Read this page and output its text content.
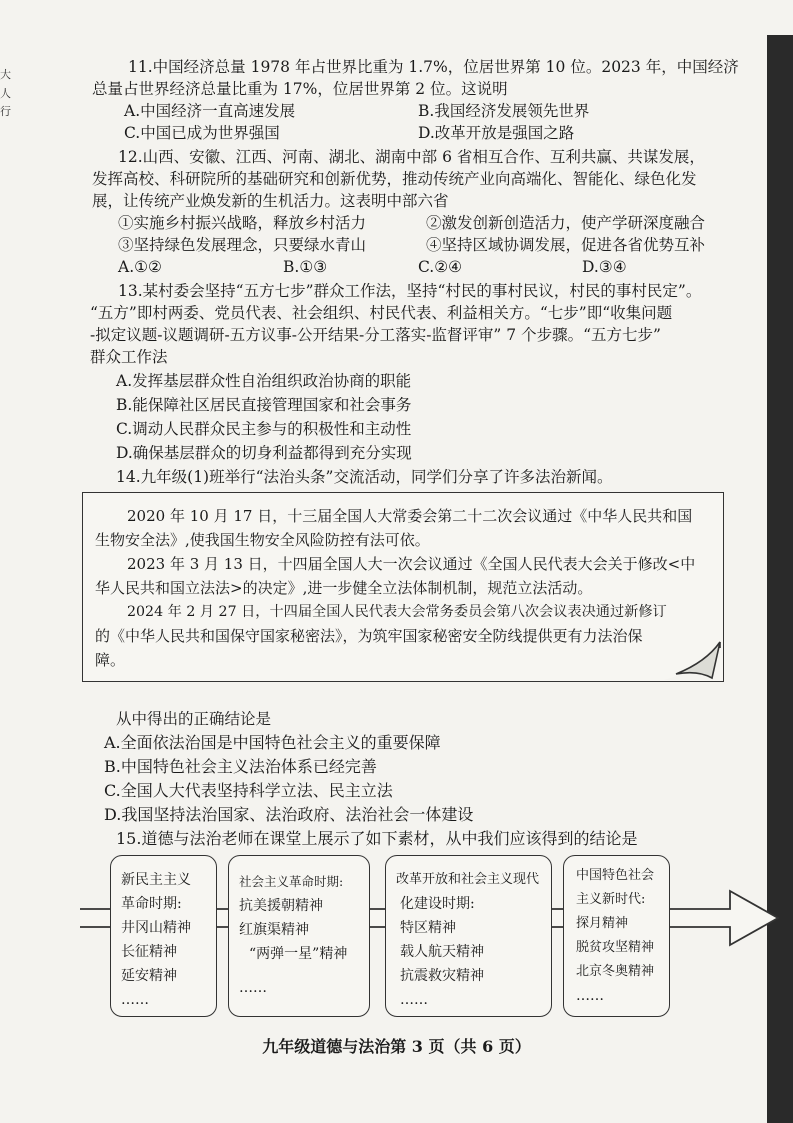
大
人
行
11.中国经济总量 1978 年占世界比重为 1.7%，位居世界第 10 位。2023 年，中国经济
总量占世界经济总量比重为 17%，位居世界第 2 位。这说明
A.中国经济一直高速发展	B.我国经济发展领先世界
C.中国已成为世界强国	D.改革开放是强国之路
12.山西、安徽、江西、河南、湖北、湖南中部 6 省相互合作、互利共赢、共谋发展，
发挥高校、科研院所的基础研究和创新优势，推动传统产业向高端化、智能化、绿色化发
展，让传统产业焕发新的生机活力。这表明中部六省
①实施乡村振兴战略，释放乡村活力	②激发创新创造活力，使产学研深度融合
③坚持绿色发展理念，只要绿水青山	④坚持区域协调发展，促进各省优势互补
A.①②	B.①③	C.②④	D.③④
13.某村委会坚持“五方七步”群众工作法，坚持“村民的事村民议，村民的事村民定”。
“五方”即村两委、党员代表、社会组织、村民代表、利益相关方。“七步”即“收集问题
-拟定议题-议题调研-五方议事-公开结果-分工落实-监督评审” 7 个步骤。“五方七步”
群众工作法
A.发挥基层群众性自治组织政治协商的职能
B.能保障社区居民直接管理国家和社会事务
C.调动人民群众民主参与的积极性和主动性
D.确保基层群众的切身利益都得到充分实现
14.九年级(1)班举行“法治头条”交流活动，同学们分享了许多法治新闻。
2020 年 10 月 17 日，十三届全国人大常委会第二十二次会议通过《中华人民共和国
生物安全法》,使我国生物安全风险防控有法可依。
2023 年 3 月 13 日，十四届全国人大一次会议通过《全国人民代表大会关于修改<中
华人民共和国立法法>的决定》,进一步健全立法体制机制，规范立法活动。
2024 年 2 月 27 日，十四届全国人民代表大会常务委员会第八次会议表决通过新修订
的《中华人民共和国保守国家秘密法》，为筑牢国家秘密安全防线提供更有力法治保
障。
从中得出的正确结论是
A.全面依法治国是中国特色社会主义的重要保障
B.中国特色社会主义法治体系已经完善
C.全国人大代表坚持科学立法、民主立法
D.我国坚持法治国家、法治政府、法治社会一体建设
15.道德与法治老师在课堂上展示了如下素材，从中我们应该得到的结论是
新民主主义
革命时期:
井冈山精神
长征精神
延安精神
……
社会主义革命时期:
抗美援朝精神
红旗渠精神
“两弹一星”精神
……
改革开放和社会主义现代
化建设时期:
特区精神
载人航天精神
抗震救灾精神
……
中国特色社会
主义新时代:
探月精神
脱贫攻坚精神
北京冬奥精神
……
九年级道德与法治第 3 页（共 6 页）
